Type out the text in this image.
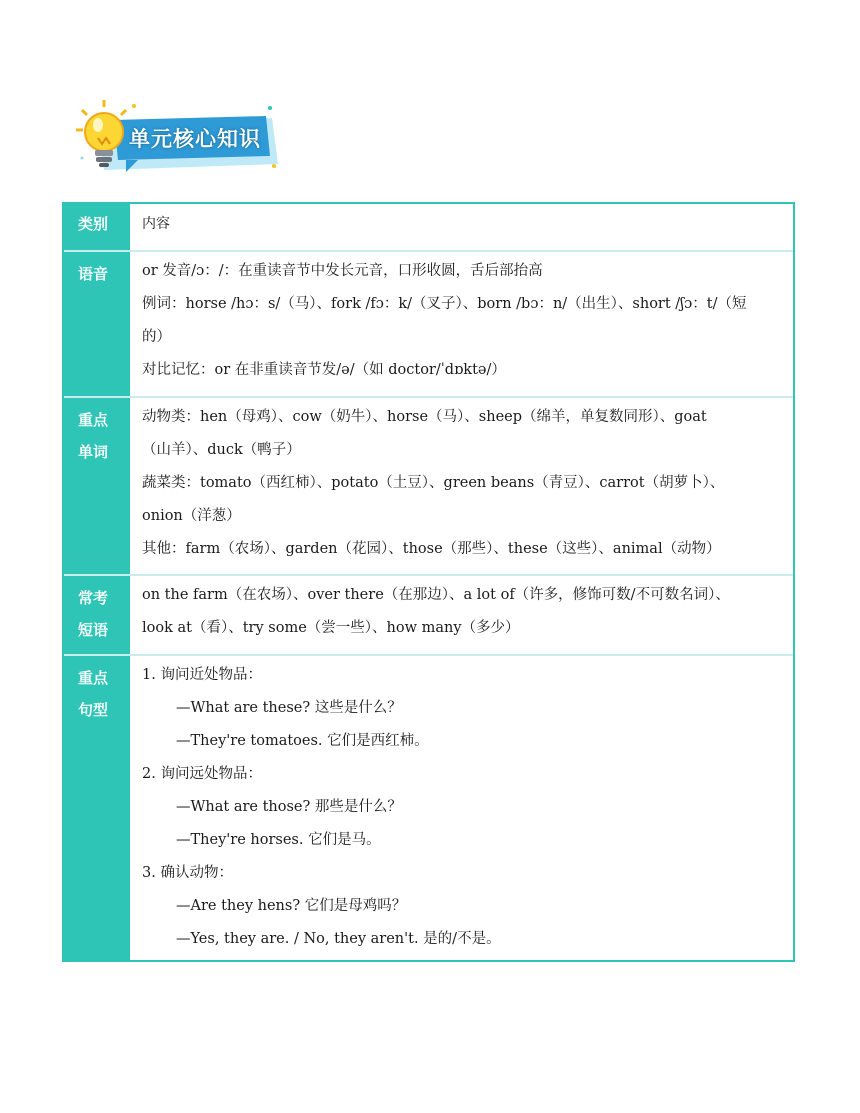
单元核心知识
类别	内容

语音	or 发音/ɔ：/：在重读音节中发长元音，口形收圆，舌后部抬高

例词：horse /hɔ：s/（马）、fork /fɔ：k/（叉子）、born /bɔ：n/（出生）、short /ʃɔ：t/（短

的）

对比记忆：or 在非重读音节发/ə/（如 doctor/ˈdɒktə/）

重点
单词

动物类：hen（母鸡）、cow（奶牛）、horse（马）、sheep（绵羊，单复数同形）、goat

（山羊）、duck（鸭子）

蔬菜类：tomato（西红柿）、potato（土豆）、green beans（青豆）、carrot（胡萝卜）、

onion（洋葱）

其他：farm（农场）、garden（花园）、those（那些）、these（这些）、animal（动物）

常考
短语

on the farm（在农场）、over there（在那边）、a lot of（许多，修饰可数/不可数名词）、

look at（看）、try some（尝一些）、how many（多少）

重点
句型

1. 询问近处物品：

—What are these? 这些是什么？

—They're tomatoes. 它们是西红柿。

2. 询问远处物品：

—What are those? 那些是什么？

—They're horses. 它们是马。

3. 确认动物：

—Are they hens? 它们是母鸡吗？

—Yes, they are. / No, they aren't. 是的/不是。
